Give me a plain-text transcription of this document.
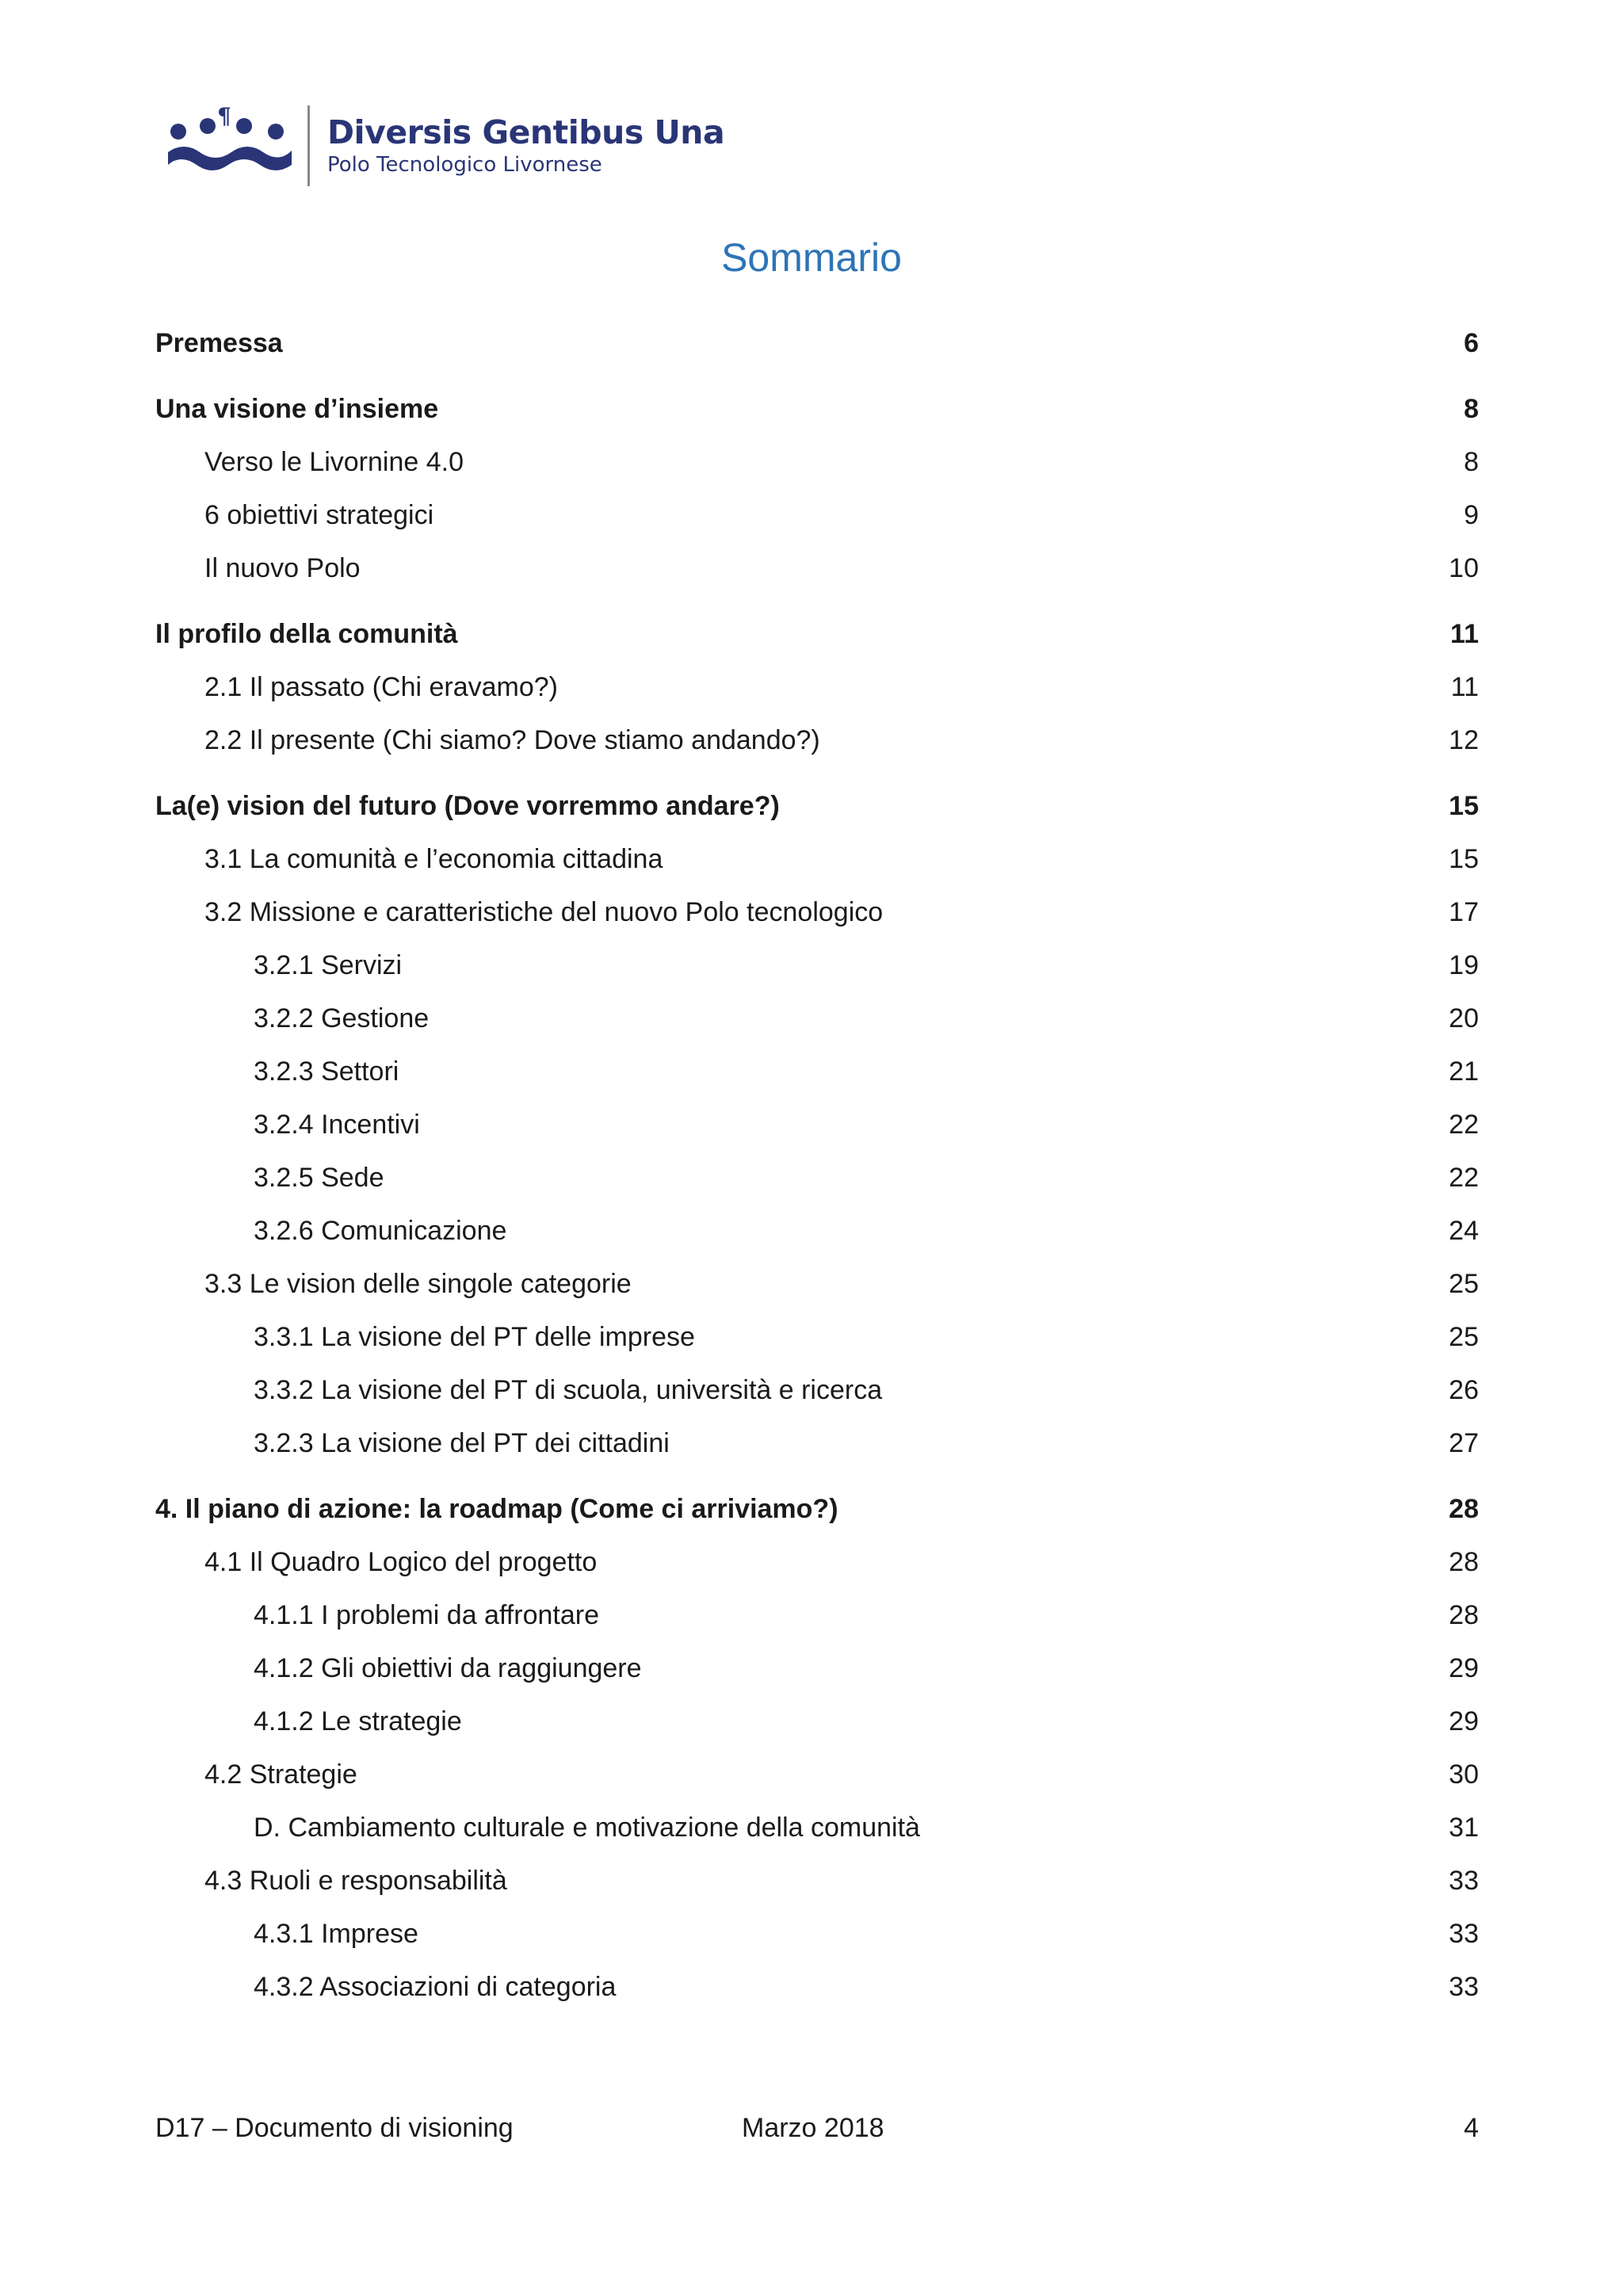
¶	Diversis Gentibus Una
Polo Tecnologico Livornese
Sommario
Premessa	6
Una visione d’insieme	8
Verso le Livornine 4.0	8
6 obiettivi strategici	9
Il nuovo Polo	10
Il profilo della comunità	11
2.1 Il passato (Chi eravamo?)	11
2.2 Il presente (Chi siamo? Dove stiamo andando?)	12
La(e) vision del futuro (Dove vorremmo andare?)	15
3.1 La comunità e l’economia cittadina	15
3.2 Missione e caratteristiche del nuovo Polo tecnologico	17
3.2.1 Servizi	19
3.2.2 Gestione	20
3.2.3 Settori	21
3.2.4 Incentivi	22
3.2.5 Sede	22
3.2.6 Comunicazione	24
3.3 Le vision delle singole categorie	25
3.3.1 La visione del PT delle imprese	25
3.3.2 La visione del PT di scuola, università e ricerca	26
3.2.3 La visione del PT dei cittadini	27
4. Il piano di azione: la roadmap (Come ci arriviamo?)	28
4.1 Il Quadro Logico del progetto	28
4.1.1 I problemi da affrontare	28
4.1.2 Gli obiettivi da raggiungere	29
4.1.2 Le strategie	29
4.2 Strategie	30
D. Cambiamento culturale e motivazione della comunità	31
4.3 Ruoli e responsabilità	33
4.3.1 Imprese	33
4.3.2 Associazioni di categoria	33
D17 – Documento di visioning	Marzo 2018	4
